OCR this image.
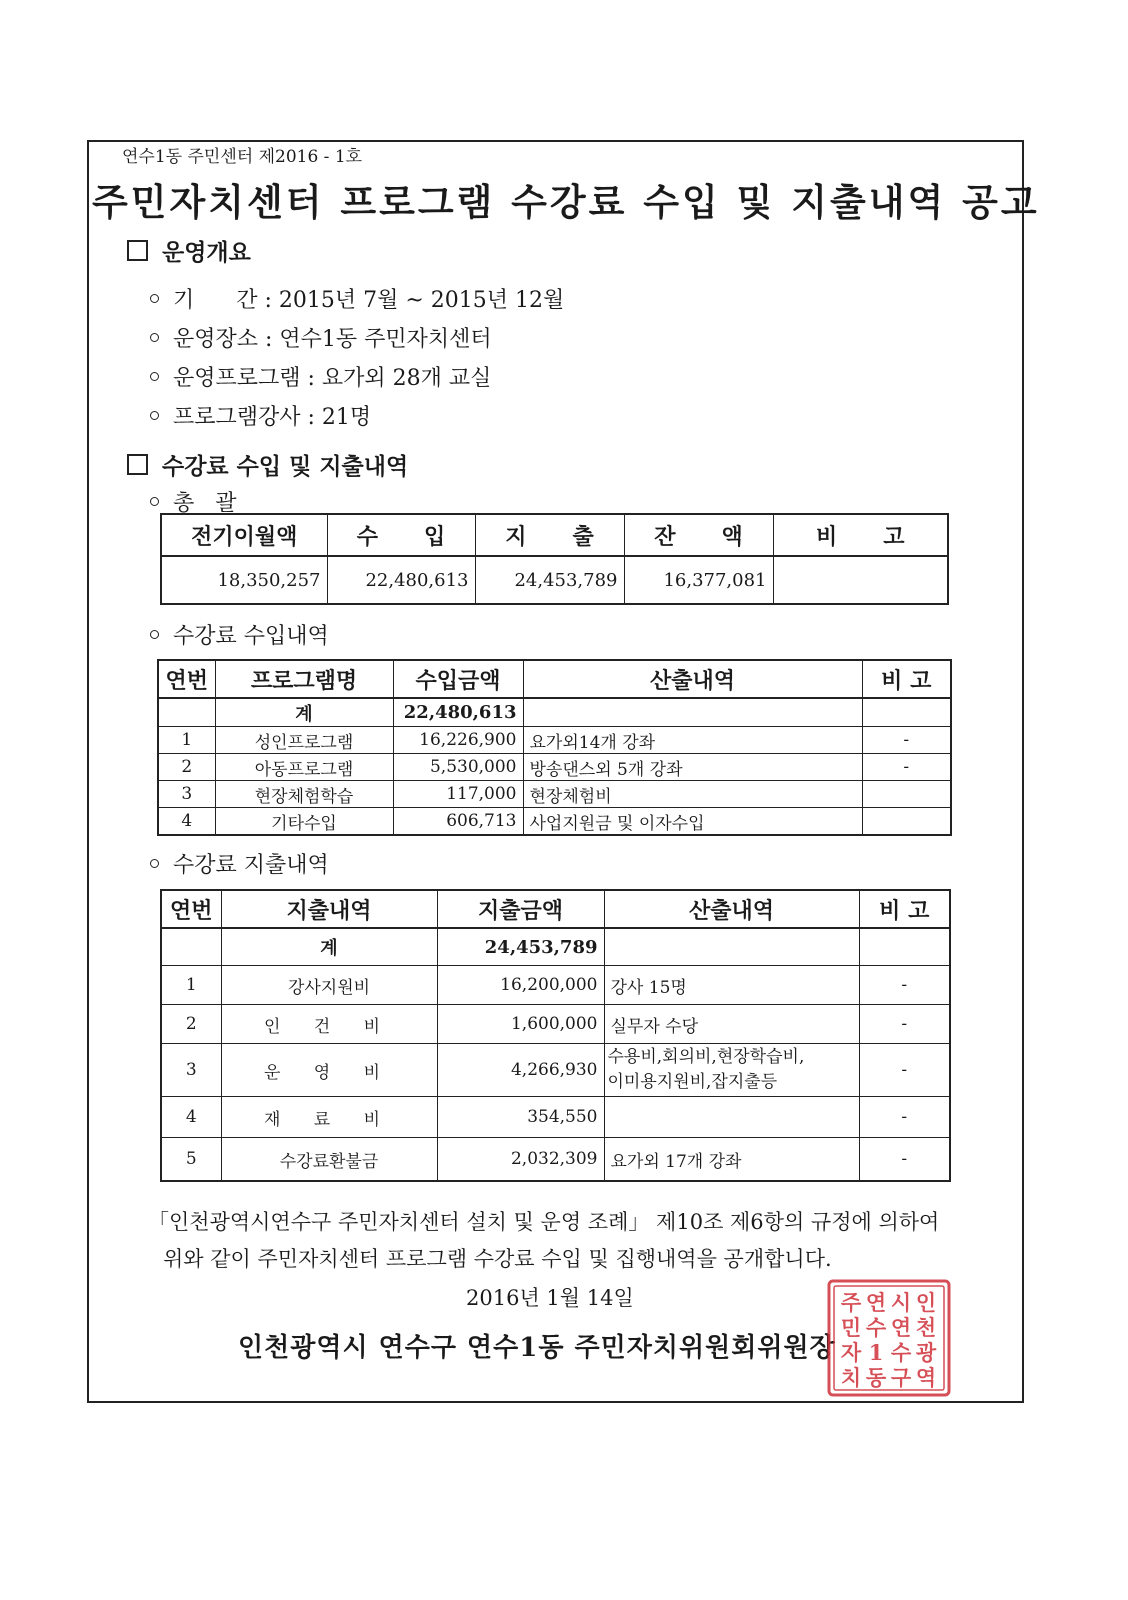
연수1동 주민센터 제2016 - 1호
주민자치센터 프로그램 수강료 수입 및 지출내역 공고
운영개요
기      간 : 2015년 7월 ~ 2015년 12월
운영장소 : 연수1동 주민자치센터
운영프로그램 : 요가외 28개 교실
프로그램강사 : 21명
수강료 수입 및 지출내역
총   괄
전기이월액	수      입	지      출	잔      액	비      고
18,350,257	22,480,613	24,453,789	16,377,081	
수강료 수입내역
연번	프로그램명	수입금액	산출내역	비 고
	계	22,480,613		
1	성인프로그램	16,226,900	요가외14개 강좌	-
2	아동프로그램	5,530,000	방송댄스외 5개 강좌	-
3	현장체험학습	117,000	현장체험비	
4	기타수입	606,713	사업지원금 및 이자수입	
수강료 지출내역
연번	지출내역	지출금액	산출내역	비 고
	계	24,453,789		
1	강사지원비	16,200,000	강사 15명	-
2	인 건 비	1,600,000	실무자 수당	-
3	운 영 비	4,266,930	수용비,회의비,현장학습비,
이미용지원비,잡지출등	-
4	재 료 비	354,550		-
5	수강료환불금	2,032,309	요가외 17개 강좌	-
「인천광역시연수구 주민자치센터 설치 및 운영 조례」 제10조 제6항의 규정에 의하여
위와 같이 주민자치센터 프로그램 수강료 수입 및 집행내역을 공개합니다.
2016년 1월 14일
인천광역시 연수구 연수1동 주민자치위원회위원장
인
천
광
역
시
연
수
구
연
수
1
동
주
민
자
치
